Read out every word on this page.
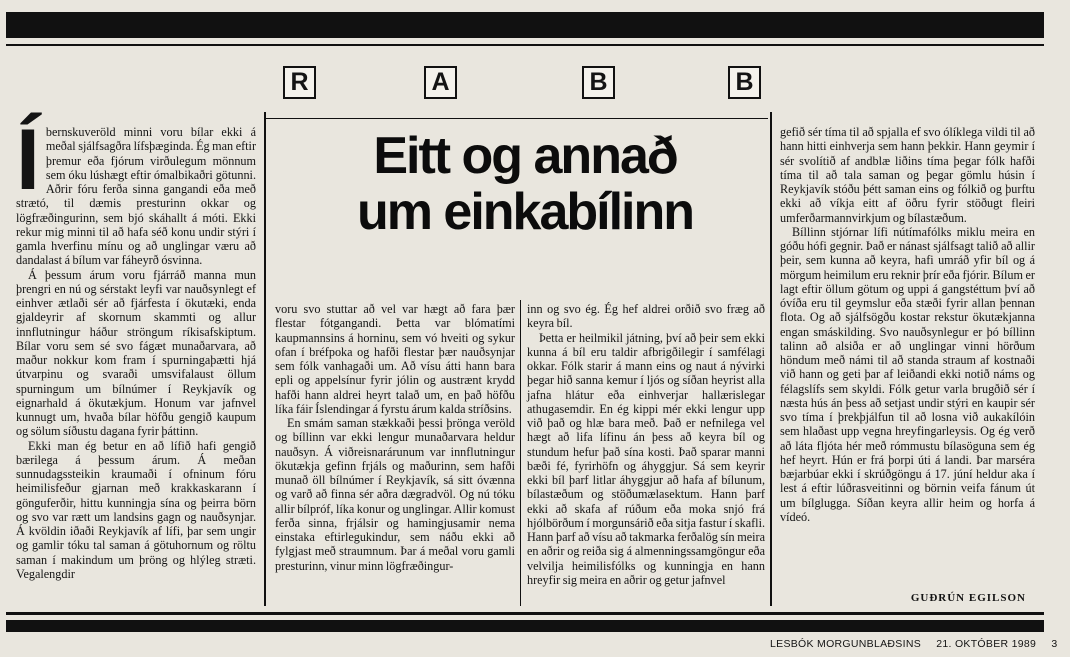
R	A	B	B
Eitt og annað
um einkabílinn
Í bernskuveröld minni voru bílar ekki á meðal sjálfsagðra lífsþæginda. Ég man eftir þremur eða fjórum virðulegum mönnum sem óku lúshægt eftir ómalbikaðri götunni. Aðrir fóru ferða sinna gangandi eða með strætó, til dæmis presturinn okkar og lögfræðingurinn, sem bjó skáhallt á móti. Ekki rekur mig minni til að hafa séð konu undir stýri í gamla hverfinu mínu og að unglingar væru að dandalast á bílum var fáheyrð ósvinna.

Á þessum árum voru fjárráð manna mun þrengri en nú og sérstakt leyfi var nauðsynlegt ef einhver ætlaði sér að fjárfesta í ökutæki, enda gjaldeyrir af skornum skammti og allur innflutningur háður ströngum ríkisafskiptum. Bílar voru sem sé svo fágæt munaðarvara, að maður nokkur kom fram í spurningaþætti hjá útvarpinu og svaraði umsvifalaust öllum spurningum um bílnúmer í Reykjavík og eignarhald á ökutækjum. Honum var jafnvel kunnugt um, hvaða bílar höfðu gengið kaupum og sölum síðustu dagana fyrir þáttinn.

Ekki man ég betur en að lífið hafi gengið bærilega á þessum árum. Á meðan sunnudagssteikin kraumaði í ofninum fóru heimilisfeður gjarnan með krakkaskarann í gönguferðir, hittu kunningja sína og þeirra börn og svo var rætt um landsins gagn og nauðsynjar. Á kvöldin iðaði Reykjavík af lífi, þar sem ungir og gamlir tóku tal saman á götuhornum og röltu saman í makindum um þröng og hlýleg stræti. Vegalengdir

voru svo stuttar að vel var hægt að fara þær flestar fótgangandi. Þetta var blómatími kaupmannsins á horninu, sem vó hveiti og sykur ofan í bréfpoka og hafði flestar þær nauðsynjar sem fólk vanhagaði um. Að vísu átti hann bara epli og appelsínur fyrir jólin og austrænt krydd hafði hann aldrei heyrt talað um, en það höfðu líka fáir Íslendingar á fyrstu árum kalda stríðsins.

En smám saman stækkaði þessi þrönga veröld og bíllinn var ekki lengur munaðarvara heldur nauðsyn. Á viðreisnarárunum var innflutningur ökutækja gefinn frjáls og maðurinn, sem hafði munað öll bílnúmer í Reykjavík, sá sitt óvænna og varð að finna sér aðra dægradvöl. Og nú tóku allir bílpróf, líka konur og unglingar. Allir komust ferða sinna, frjálsir og hamingjusamir nema einstaka eftirlegukindur, sem náðu ekki að fylgjast með straumnum. Þar á meðal voru gamli presturinn, vinur minn lögfræðingur-

inn og svo ég. Ég hef aldrei orðið svo fræg að keyra bíl.

Þetta er heilmikil játning, því að þeir sem ekki kunna á bíl eru taldir afbrigðilegir í samfélagi okkar. Fólk starir á mann eins og naut á nývirki þegar hið sanna kemur í ljós og síðan heyrist alla jafna hlátur eða einhverjar hallærislegar athugasemdir. En ég kippi mér ekki lengur upp við það og hlæ bara með. Það er nefnilega vel hægt að lifa lífinu án þess að keyra bíl og stundum hefur það sína kosti. Það sparar manni bæði fé, fyrirhöfn og áhyggjur. Sá sem keyrir ekki bíl þarf litlar áhyggjur að hafa af bílunum, bílastæðum og stöðumælasektum. Hann þarf ekki að skafa af rúðum eða moka snjó frá hjólbörðum í morgunsárið eða sitja fastur í skafli. Hann þarf að vísu að takmarka ferðalög sín meira en aðrir og reiða sig á almenningssamgöngur eða velvilja heimilisfólks og kunningja en hann hreyfir sig meira en aðrir og getur jafnvel

gefið sér tíma til að spjalla ef svo ólíklega vildi til að hann hitti einhverja sem hann þekkir. Hann geymir í sér svolítið af andblæ liðins tíma þegar fólk hafði tíma til að tala saman og þegar gömlu húsin í Reykjavík stóðu þétt saman eins og fólkið og þurftu ekki að víkja eitt af öðru fyrir stöðugt fleiri umferðarmannvirkjum og bílastæðum.

Bíllinn stjórnar lífi nútímafólks miklu meira en góðu hófi gegnir. Það er nánast sjálfsagt talið að allir þeir, sem kunna að keyra, hafi umráð yfir bíl og á mörgum heimilum eru reknir þrír eða fjórir. Bílum er lagt eftir öllum götum og uppi á gangstéttum því að óvíða eru til geymslur eða stæði fyrir allan þennan flota. Og að sjálfsögðu kostar rekstur ökutækjanna engan smáskilding. Svo nauðsynlegur er þó bíllinn talinn að alsiða er að unglingar vinni hörðum höndum með námi til að standa straum af kostnaði við hann og geti þar af leiðandi ekki notið náms og félagslífs sem skyldi. Fólk getur varla brugðið sér í næsta hús án þess að setjast undir stýri en kaupir sér svo tíma í þrekþjálfun til að losna við aukakílóin sem hlaðast upp vegna hreyfingarleysis. Og ég verð að láta fljóta hér með rómmustu bílasöguna sem ég hef heyrt. Hún er frá þorpi úti á landi. Þar marséra bæjarbúar ekki í skrúðgöngu á 17. júní heldur aka í lest á eftir lúðrasveitinni og börnin veifa fánum út um bílgluggа. Síðan keyra allir heim og horfa á vídeó.

GUÐRÚN EGILSON
LESBÓK MORGUNBLAÐSINS 21. OKTÓBER 1989 3
